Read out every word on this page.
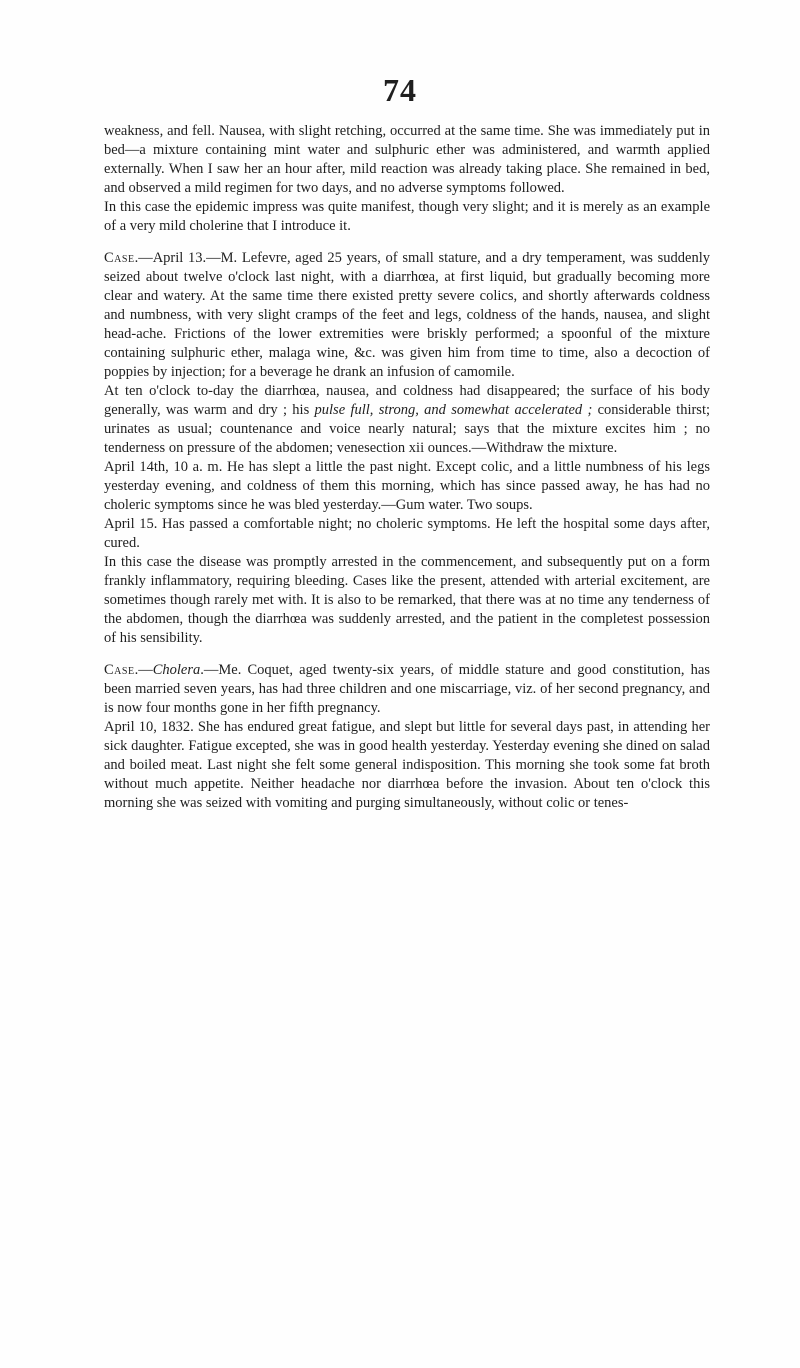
74

weakness, and fell. Nausea, with slight retching, occurred at the same time. She was immediately put in bed—a mixture containing mint water and sulphuric ether was administered, and warmth applied externally. When I saw her an hour after, mild reaction was already taking place. She remained in bed, and observed a mild regimen for two days, and no adverse symptoms followed.

In this case the epidemic impress was quite manifest, though very slight; and it is merely as an example of a very mild cholerine that I introduce it.

Case.—April 13.—M. Lefevre, aged 25 years, of small stature, and a dry temperament, was suddenly seized about twelve o'clock last night, with a diarrhœa, at first liquid, but gradually becoming more clear and watery. At the same time there existed pretty severe colics, and shortly afterwards coldness and numbness, with very slight cramps of the feet and legs, coldness of the hands, nausea, and slight head-ache. Frictions of the lower extremities were briskly performed; a spoonful of the mixture containing sulphuric ether, malaga wine, &c. was given him from time to time, also a decoction of poppies by injection; for a beverage he drank an infusion of camomile.

At ten o'clock to-day the diarrhœa, nausea, and coldness had disappeared; the surface of his body generally, was warm and dry ; his pulse full, strong, and somewhat accelerated ; considerable thirst; urinates as usual; countenance and voice nearly natural; says that the mixture excites him ; no tenderness on pressure of the abdomen; venesection xii ounces.—Withdraw the mixture.

April 14th, 10 a. m. He has slept a little the past night. Except colic, and a little numbness of his legs yesterday evening, and coldness of them this morning, which has since passed away, he has had no choleric symptoms since he was bled yesterday.—Gum water. Two soups.

April 15. Has passed a comfortable night; no choleric symptoms. He left the hospital some days after, cured.

In this case the disease was promptly arrested in the commencement, and subsequently put on a form frankly inflammatory, requiring bleeding. Cases like the present, attended with arterial excitement, are sometimes though rarely met with. It is also to be remarked, that there was at no time any tenderness of the abdomen, though the diarrhœa was suddenly arrested, and the patient in the completest possession of his sensibility.

Case.—Cholera.—Me. Coquet, aged twenty-six years, of middle stature and good constitution, has been married seven years, has had three children and one miscarriage, viz. of her second pregnancy, and is now four months gone in her fifth pregnancy.

April 10, 1832. She has endured great fatigue, and slept but little for several days past, in attending her sick daughter. Fatigue excepted, she was in good health yesterday. Yesterday evening she dined on salad and boiled meat. Last night she felt some general indisposition. This morning she took some fat broth without much appetite. Neither headache nor diarrhœa before the invasion. About ten o'clock this morning she was seized with vomiting and purging simultaneously, without colic or tenes-
